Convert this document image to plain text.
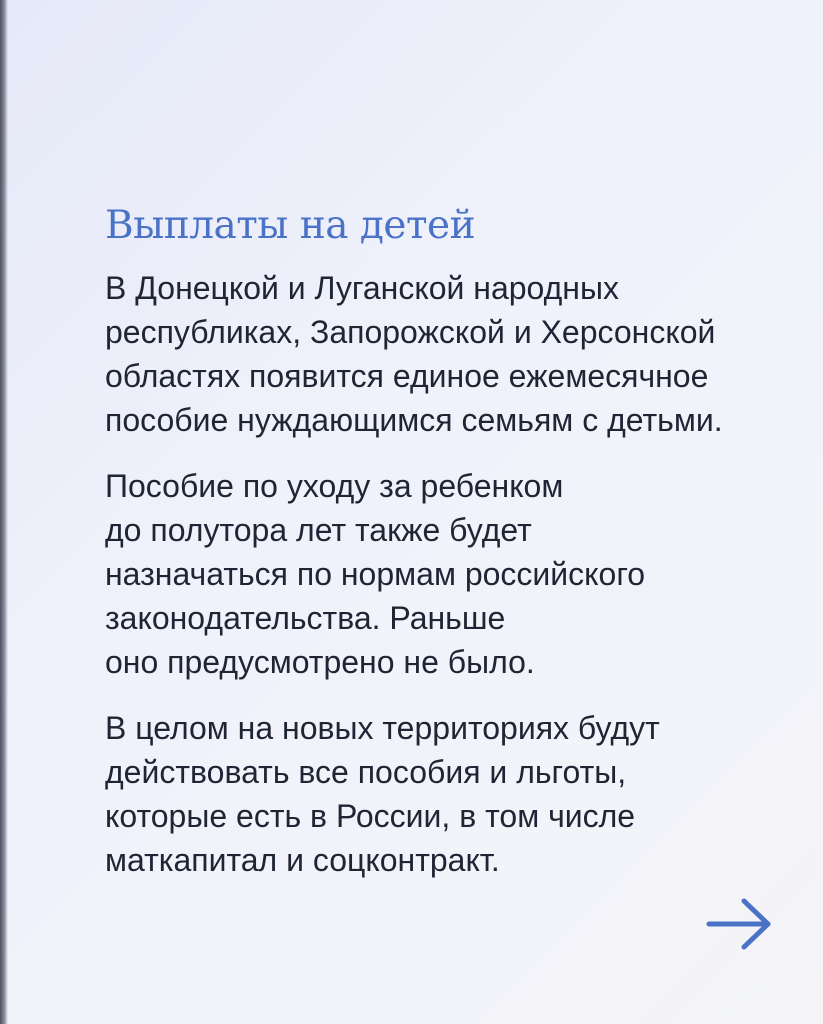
Выплаты на детей

В Донецкой и Луганской народных
республиках, Запорожской и Херсонской
областях появится единое ежемесячное
пособие нуждающимся семьям с детьми.

Пособие по уходу за ребенком
до полутора лет также будет
назначаться по нормам российского
законодательства. Раньше
оно предусмотрено не было.

В целом на новых территориях будут
действовать все пособия и льготы,
которые есть в России, в том числе
маткапитал и соцконтракт.
